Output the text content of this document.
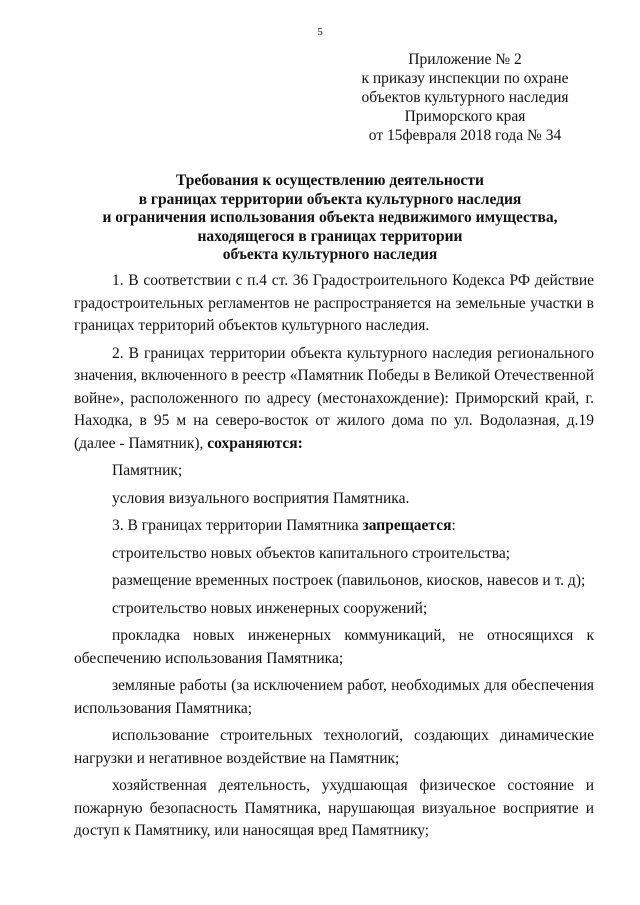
5
Приложение № 2
к приказу инспекции по охране
объектов культурного наследия
Приморского края
от 15февраля 2018 года № 34
Требования к осуществлению деятельности
в границах территории объекта культурного наследия
и ограничения использования объекта недвижимого имущества,
находящегося в границах территории
объекта культурного наследия

1. В соответствии с п.4 ст. 36 Градостроительного Кодекса РФ действие градостроительных регламентов не распространяется на земельные участки в границах территорий объектов культурного наследия.

2. В границах территории объекта культурного наследия регионального значения, включенного в реестр «Памятник Победы в Великой Отечественной войне», расположенного по адресу (местонахождение): Приморский край, г. Находка, в 95 м на северо-восток от жилого дома по ул. Водолазная, д.19 (далее - Памятник), сохраняются:

Памятник;

условия визуального восприятия Памятника.

3. В границах территории Памятника запрещается:

строительство новых объектов капитального строительства;

размещение временных построек (павильонов, киосков, навесов и т. д);

строительство новых инженерных сооружений;

прокладка новых инженерных коммуникаций, не относящихся к обеспечению использования Памятника;

земляные работы (за исключением работ, необходимых для обеспечения использования Памятника;

использование строительных технологий, создающих динамические нагрузки и негативное воздействие на Памятник;

хозяйственная деятельность, ухудшающая физическое состояние и пожарную безопасность Памятника, нарушающая визуальное восприятие и доступ к Памятнику, или наносящая вред Памятнику;
